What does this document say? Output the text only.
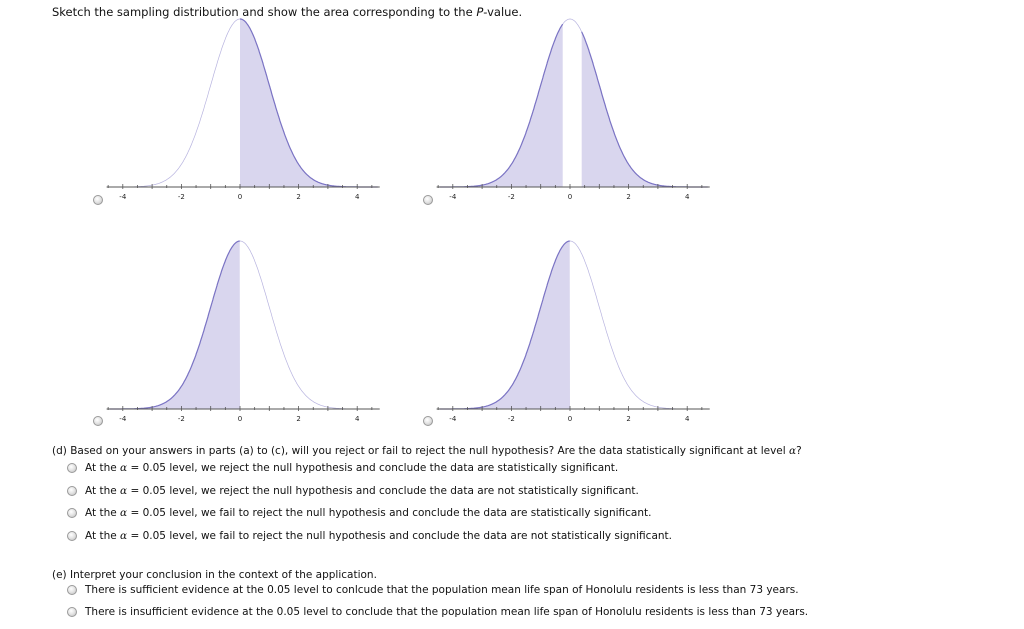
Sketch the sampling distribution and show the area corresponding to the P-value.
-4	-2	0	2	4	-4	-2	0	2	4
-4	-2	0	2	4	-4	-2	0	2	4
(d) Based on your answers in parts (a) to (c), will you reject or fail to reject the null hypothesis? Are the data statistically significant at level α?
At the α = 0.05 level, we reject the null hypothesis and conclude the data are statistically significant.
At the α = 0.05 level, we reject the null hypothesis and conclude the data are not statistically significant.
At the α = 0.05 level, we fail to reject the null hypothesis and conclude the data are statistically significant.
At the α = 0.05 level, we fail to reject the null hypothesis and conclude the data are not statistically significant.
(e) Interpret your conclusion in the context of the application.
There is sufficient evidence at the 0.05 level to conlcude that the population mean life span of Honolulu residents is less than 73 years.
There is insufficient evidence at the 0.05 level to conclude that the population mean life span of Honolulu residents is less than 73 years.
